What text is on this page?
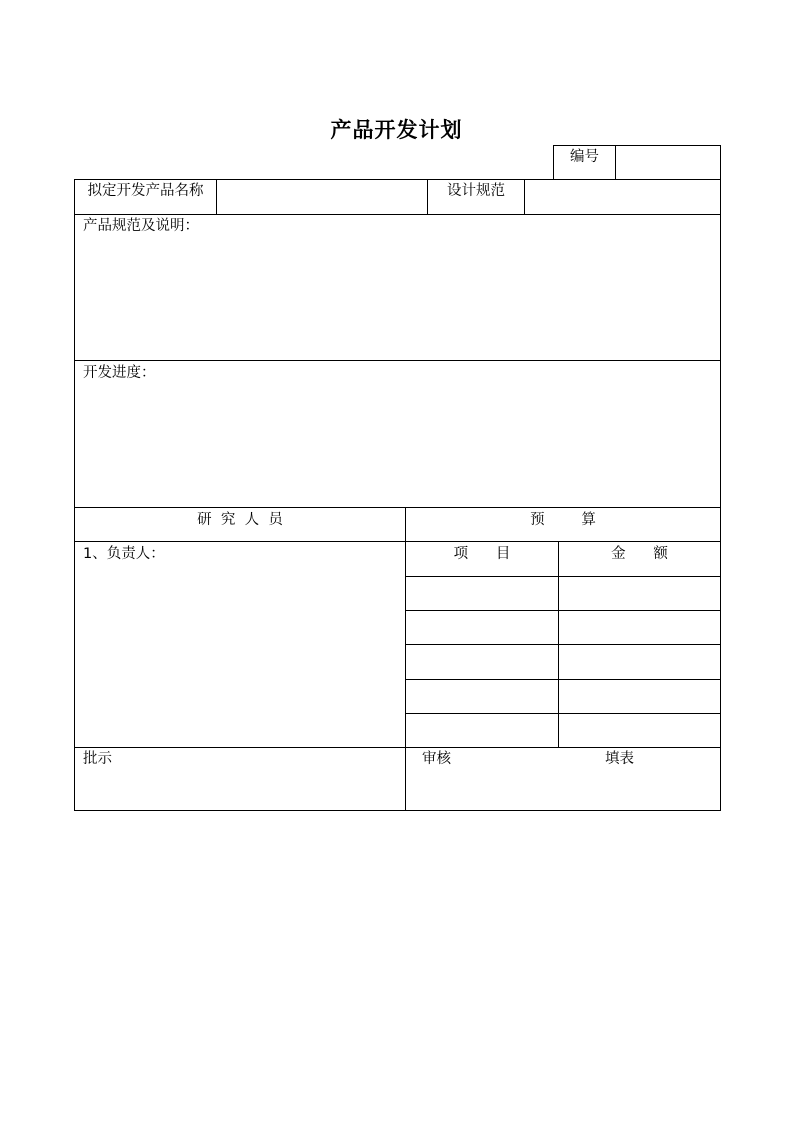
产品开发计划
编号
拟定开发产品名称	设计规范
产品规范及说明：
开发进度：
研  究  人  员	预        算
1、负责人：	项      目	金      额
批示	审核	填表
